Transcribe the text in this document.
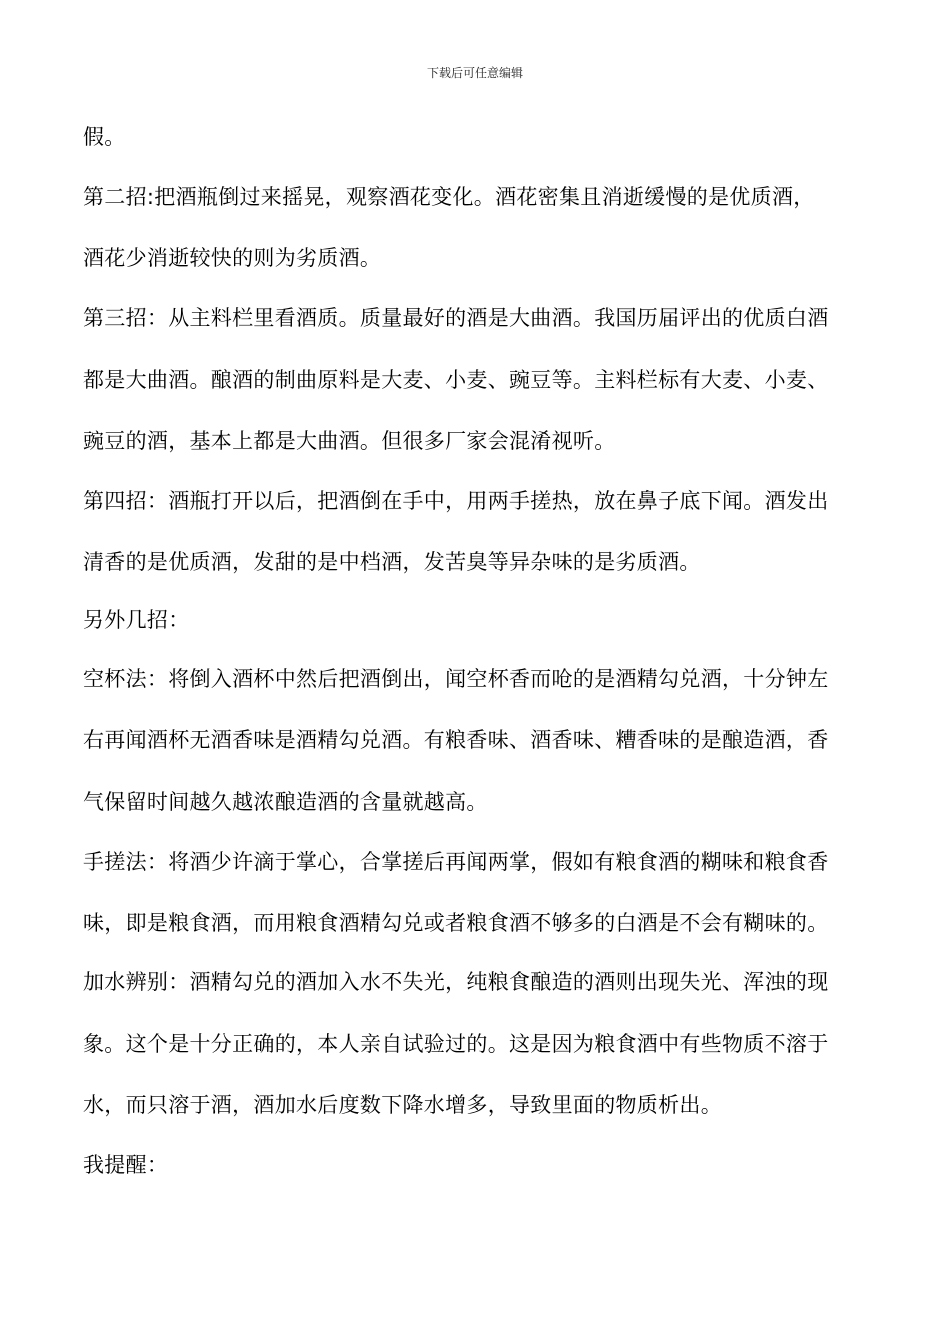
下载后可任意编辑
假。
第二招:把酒瓶倒过来摇晃，观察酒花变化。酒花密集且消逝缓慢的是优质酒，
酒花少消逝较快的则为劣质酒。
第三招：从主料栏里看酒质。质量最好的酒是大曲酒。我国历届评出的优质白酒
都是大曲酒。酿酒的制曲原料是大麦、小麦、豌豆等。主料栏标有大麦、小麦、
豌豆的酒，基本上都是大曲酒。但很多厂家会混淆视听。
第四招：酒瓶打开以后，把酒倒在手中，用两手搓热，放在鼻子底下闻。酒发出
清香的是优质酒，发甜的是中档酒，发苦臭等异杂味的是劣质酒。
另外几招：
空杯法：将倒入酒杯中然后把酒倒出，闻空杯香而呛的是酒精勾兑酒，十分钟左
右再闻酒杯无酒香味是酒精勾兑酒。有粮香味、酒香味、糟香味的是酿造酒，香
气保留时间越久越浓酿造酒的含量就越高。
手搓法：将酒少许滴于掌心，合掌搓后再闻两掌，假如有粮食酒的糊味和粮食香
味，即是粮食酒，而用粮食酒精勾兑或者粮食酒不够多的白酒是不会有糊味的。
加水辨别：酒精勾兑的酒加入水不失光，纯粮食酿造的酒则出现失光、浑浊的现
象。这个是十分正确的，本人亲自试验过的。这是因为粮食酒中有些物质不溶于
水，而只溶于酒，酒加水后度数下降水增多，导致里面的物质析出。
我提醒：
